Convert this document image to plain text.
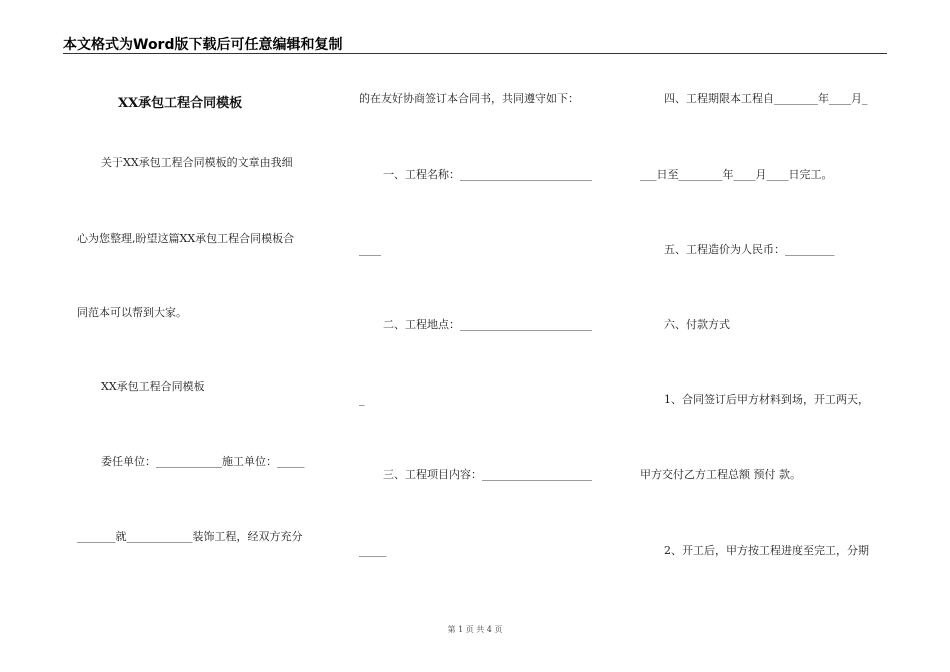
本文格式为Word版下载后可任意编辑和复制
XX承包工程合同模板
关于XX承包工程合同模板的文章由我细
心为您整理,盼望这篇XX承包工程合同模板合
同范本可以帮到大家。
XX承包工程合同模板
委任单位：____________施工单位：_____
_______就____________装饰工程，经双方充分
的在友好协商签订本合同书，共同遵守如下：
一、工程名称：________________________
____
二、工程地点：________________________
_
三、工程项目内容：____________________
_____
四、工程期限本工程自________年____月_
___日至________年____月____日完工。
五、工程造价为人民币：_________
六、付款方式
1、合同签订后甲方材料到场，开工两天，
甲方交付乙方工程总额 预付 款。
2、开工后，甲方按工程进度至完工，分期
第 1 页 共 4 页
